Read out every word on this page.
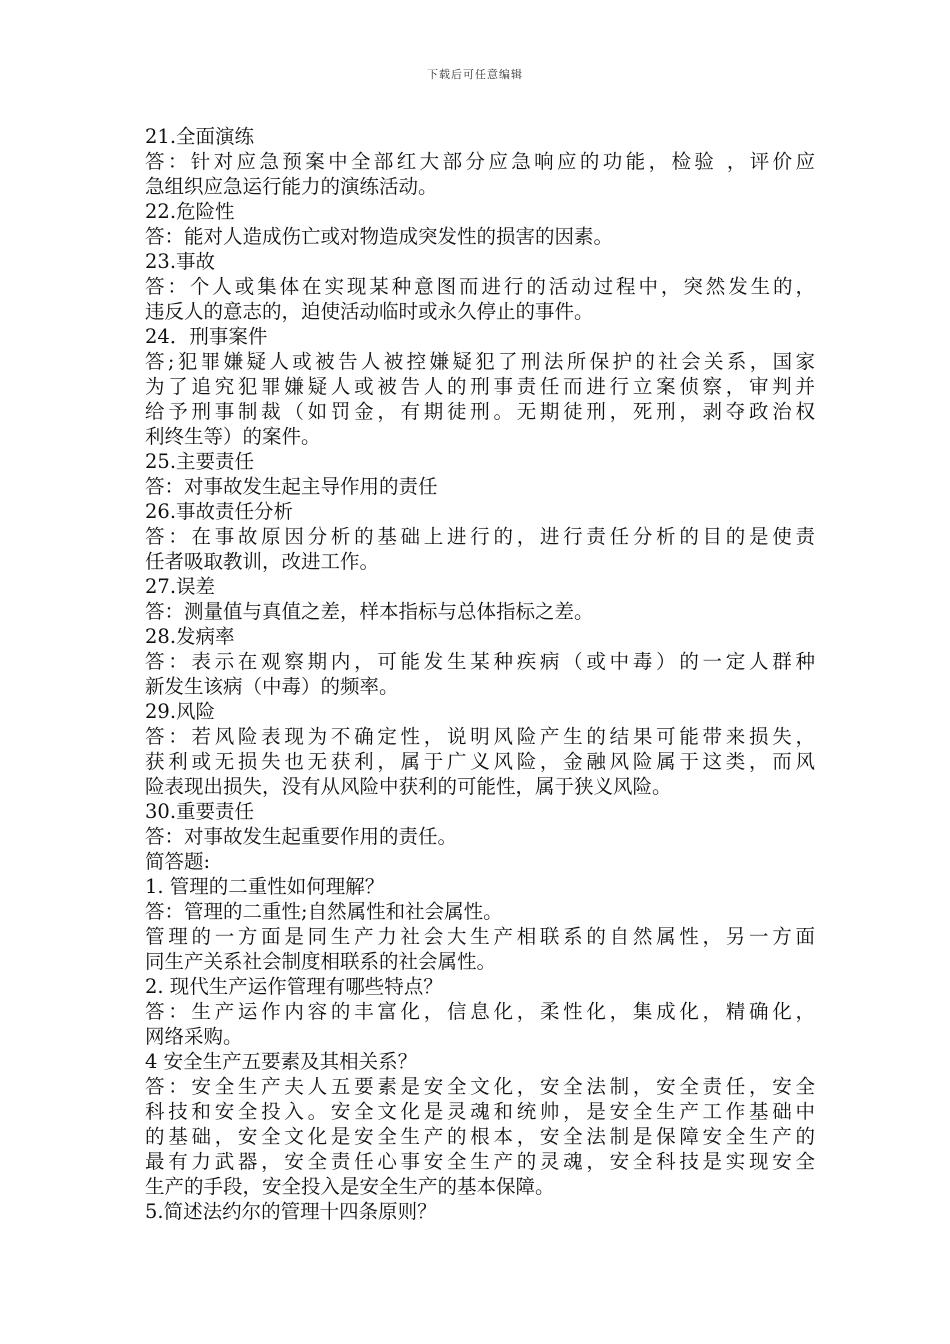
下载后可任意编辑
21.全面演练
答：针对应急预案中全部红大部分应急响应的功能，检验 ，评价应
急组织应急运行能力的演练活动。
22.危险性
答：能对人造成伤亡或对物造成突发性的损害的因素。
23.事故
答：个人或集体在实现某种意图而进行的活动过程中，突然发生的，
违反人的意志的，迫使活动临时或永久停止的事件。
24．刑事案件
答;犯罪嫌疑人或被告人被控嫌疑犯了刑法所保护的社会关系，国家
为了追究犯罪嫌疑人或被告人的刑事责任而进行立案侦察，审判并
给予刑事制裁（如罚金，有期徒刑。无期徒刑，死刑，剥夺政治权
利终生等）的案件。
25.主要责任
答：对事故发生起主导作用的责任
26.事故责任分析
答：在事故原因分析的基础上进行的，进行责任分析的目的是使责
任者吸取教训，改进工作。
27.误差
答：测量值与真值之差，样本指标与总体指标之差。
28.发病率
答：表示在观察期内，可能发生某种疾病（或中毒）的一定人群种
新发生该病（中毒）的频率。
29.风险
答：若风险表现为不确定性，说明风险产生的结果可能带来损失，
获利或无损失也无获利，属于广义风险，金融风险属于这类，而风
险表现出损失，没有从风险中获利的可能性，属于狭义风险。
30.重要责任
答：对事故发生起重要作用的责任。
简答题:
1. 管理的二重性如何理解？
答：管理的二重性;自然属性和社会属性。
管理的一方面是同生产力社会大生产相联系的自然属性，另一方面
同生产关系社会制度相联系的社会属性。
2. 现代生产运作管理有哪些特点？
答：生产运作内容的丰富化，信息化，柔性化，集成化，精确化，
网络采购。
4 安全生产五要素及其相关系？
答：安全生产夫人五要素是安全文化，安全法制，安全责任，安全
科技和安全投入。安全文化是灵魂和统帅，是安全生产工作基础中
的基础，安全文化是安全生产的根本，安全法制是保障安全生产的
最有力武器，安全责任心事安全生产的灵魂，安全科技是实现安全
生产的手段，安全投入是安全生产的基本保障。
5.简述法约尔的管理十四条原则？
